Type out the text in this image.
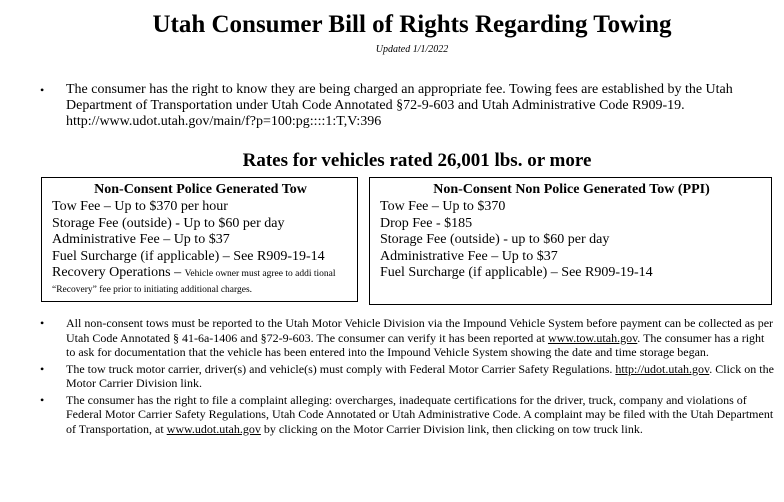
Utah Consumer Bill of Rights Regarding Towing
Updated 1/1/2022
•	The consumer has the right to know they are being charged an appropriate fee. Towing fees are established by the Utah Department of Transportation under Utah Code Annotated §72-9-603 and Utah Administrative Code R909-19. http://www.udot.utah.gov/main/f?p=100:pg::::1:T,V:396
Rates for vehicles rated 26,001 lbs. or more
Non-Consent Police Generated Tow
Tow Fee – Up to $370 per hour
Storage Fee (outside) - Up to $60 per day
Administrative Fee – Up to $37
Fuel Surcharge (if applicable) – See R909-19-14
Recovery Operations – Vehicle owner must agree to addi tional “Recovery” fee prior to initiating additional charges.
Non-Consent Non Police Generated Tow (PPI)
Tow Fee – Up to $370
Drop Fee - $185
Storage Fee (outside) - up to $60 per day
Administrative Fee – Up to $37
Fuel Surcharge (if applicable) – See R909-19-14
•	All non-consent tows must be reported to the Utah Motor Vehicle Division via the Impound Vehicle System before payment can be collected as per Utah Code Annotated § 41-6a-1406 and §72-9-603. The consumer can verify it has been reported at www.tow.utah.gov. The consumer has a right to ask for documentation that the vehicle has been entered into the Impound Vehicle System showing the date and time storage began.
•	The tow truck motor carrier, driver(s) and vehicle(s) must comply with Federal Motor Carrier Safety Regulations. http://udot.utah.gov. Click on the Motor Carrier Division link.
•	The consumer has the right to file a complaint alleging: overcharges, inadequate certifications for the driver, truck, company and violations of Federal Motor Carrier Safety Regulations, Utah Code Annotated or Utah Administrative Code. A complaint may be filed with the Utah Department of Transportation, at www.udot.utah.gov by clicking on the Motor Carrier Division link, then clicking on tow truck link.
